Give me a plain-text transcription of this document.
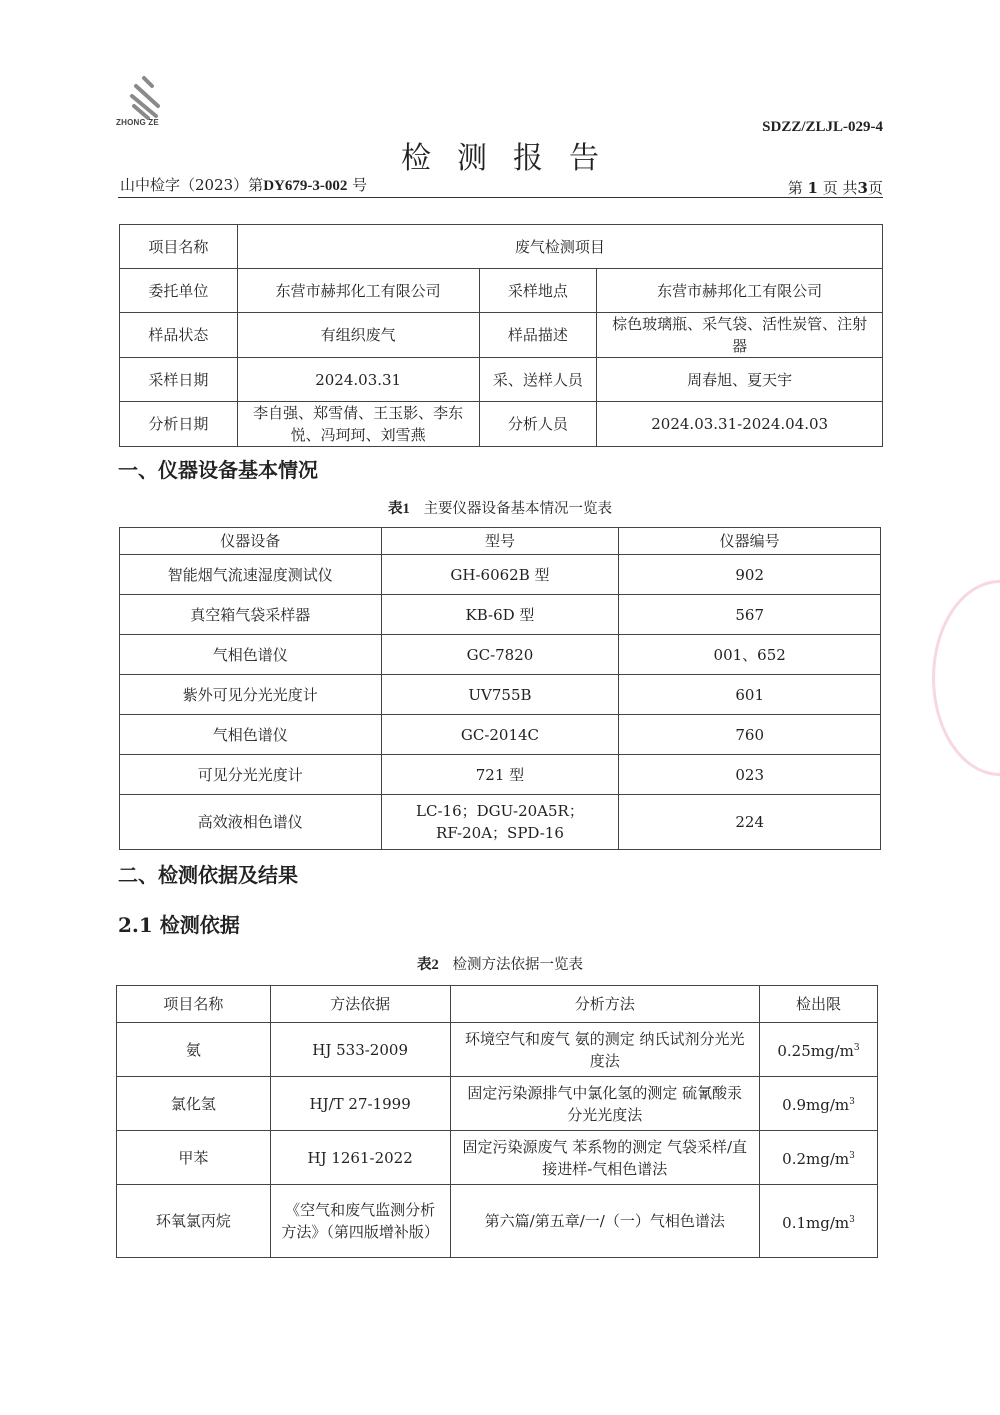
ZHONG ZE	SDZZ/ZLJL-029-4
检测报告
山中检字（2023）第DY679-3-002 号	第 1 页 共3页
项目名称	废气检测项目		
委托单位	东营市赫邦化工有限公司	采样地点	东营市赫邦化工有限公司
样品状态	有组织废气	样品描述	棕色玻璃瓶、采气袋、活性炭管、注射器
采样日期	2024.03.31	采、送样人员	周春旭、夏天宇
分析日期	李自强、郑雪倩、王玉影、李东悦、冯珂珂、刘雪燕	分析人员	2024.03.31-2024.04.03
一、仪器设备基本情况
表1 主要仪器设备基本情况一览表
仪器设备	型号	仪器编号
智能烟气流速湿度测试仪	GH-6062B 型	902
真空箱气袋采样器	KB-6D 型	567
气相色谱仪	GC-7820	001、652
紫外可见分光光度计	UV755B	601
气相色谱仪	GC-2014C	760
可见分光光度计	721 型	023
高效液相色谱仪	LC-16；DGU-20A5R；RF-20A；SPD-16	224
二、检测依据及结果
2.1 检测依据
表2 检测方法依据一览表
项目名称	方法依据	分析方法	检出限
氨	HJ 533-2009	环境空气和废气 氨的测定 纳氏试剂分光光度法	$0.25mg/m^3$
氯化氢	HJ/T 27-1999	固定污染源排气中氯化氢的测定 硫氰酸汞分光光度法	$0.9mg/m^3$
甲苯	HJ 1261-2022	固定污染源废气 苯系物的测定 气袋采样/直接进样-气相色谱法	$0.2mg/m^3$
环氧氯丙烷	《空气和废气监测分析方法》（第四版增补版）	第六篇/第五章/一/（一）气相色谱法	$0.1mg/m^3$
